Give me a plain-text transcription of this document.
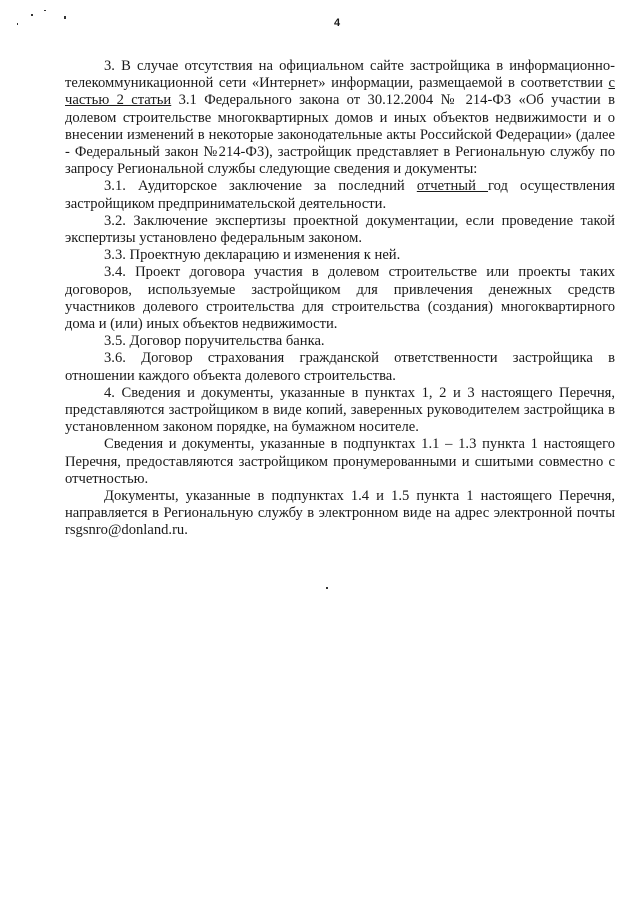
4

3. В случае отсутствия на официальном сайте застройщика в информационно-телекоммуникационной сети «Интернет» информации, размещаемой в соответствии с частью 2 статьи 3.1 Федерального закона от 30.12.2004 № 214-ФЗ «Об участии в долевом строительстве многоквартирных домов и иных объектов недвижимости и о внесении изменений в некоторые законодательные акты Российской Федерации» (далее - Федеральный закон №214-ФЗ), застройщик представляет в Региональную службу по запросу Региональной службы следующие сведения и документы:

3.1. Аудиторское заключение за последний отчетный год осуществления застройщиком предпринимательской деятельности.

3.2. Заключение экспертизы проектной документации, если проведение такой экспертизы установлено федеральным законом.

3.3. Проектную декларацию и изменения к ней.

3.4. Проект договора участия в долевом строительстве или проекты таких договоров, используемые застройщиком для привлечения денежных средств участников долевого строительства для строительства (создания) многоквартирного дома и (или) иных объектов недвижимости.

3.5. Договор поручительства банка.

3.6. Договор страхования гражданской ответственности застройщика в отношении каждого объекта долевого строительства.

4. Сведения и документы, указанные в пунктах 1, 2 и 3 настоящего Перечня, представляются застройщиком в виде копий, заверенных руководителем застройщика в установленном законом порядке, на бумажном носителе.

Сведения и документы, указанные в подпунктах 1.1 – 1.3 пункта 1 настоящего Перечня, предоставляются застройщиком пронумерованными и сшитыми совместно с отчетностью.

Документы, указанные в подпунктах 1.4 и 1.5 пункта 1 настоящего Перечня, направляется в Региональную службу в электронном виде на адрес электронной почты rsgsnro@donland.ru.
